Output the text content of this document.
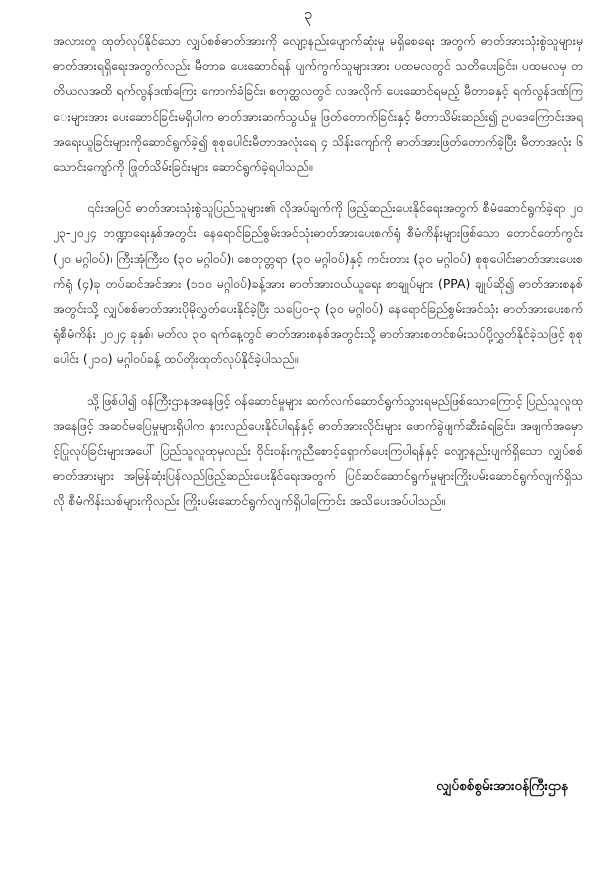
၃

အလားတူ ထုတ်လုပ်နိုင်သော လျှပ်စစ်ဓာတ်အားကို လျော့နည်းပျောက်ဆုံးမှု မရှိစေရေး အတွက် ဓာတ်အားသုံးစွဲသူများမှ ဓာတ်အားရရှိရေးအတွက်လည်း မီတာခ ပေးဆောင်ရန် ပျက်ကွက်သူများအား ပထမလတွင် သတိပေးခြင်း၊ ပထမလမှ တတိယလအထိ ရက်လွန်ဒဏ်ကြေး ကောက်ခံခြင်း၊ စတုတ္ထလတွင် လအလိုက် ပေးဆောင်ရမည့် မီတာခနှင့် ရက်လွန်ဒဏ်ကြေးများအား ပေးဆောင်ခြင်းမရှိပါက ဓာတ်အားဆက်သွယ်မှု ဖြတ်တောက်ခြင်းနှင့် မီတာသိမ်းဆည်း၍ ဥပဒေကြောင်းအရ အရေးယူခြင်းများကိုဆောင်ရွက်ခဲ့၍ စုစုပေါင်းမီတာအလုံးရေ ၄ သိန်းကျော်ကို ဓာတ်အားဖြတ်တောက်ခဲ့ပြီး မီတာအလုံး ၆ သောင်းကျော်ကို ဖြုတ်သိမ်းခြင်းများ ဆောင်ရွက်ခဲ့ရပါသည်။

၎င်းအပြင် ဓာတ်အားသုံးစွဲသူပြည်သူများ၏ လိုအပ်ချက်ကို ဖြည့်ဆည်းပေးနိုင်ရေးအတွက် စီမံဆောင်ရွက်ခဲ့ရာ ၂၀၂၃-၂၀၂၄ ဘဏ္ဍာရေးနှစ်အတွင်း နေရောင်ခြည်စွမ်းအင်သုံးဓာတ်အားပေးစက်ရုံ စီမံကိန်းများဖြစ်သော တောင်တော်ကွင်း (၂၀ မဂ္ဂါဝပ်)၊ ကြီးအုံကြီး၀ (၃၀ မဂ္ဂါဝပ်)၊ စေတုတ္တရာ (၃၀ မဂ္ဂါဝပ်)နှင့် ကင်းတား (၃၀ မဂ္ဂါဝပ်) စုစုပေါင်းဓာတ်အားပေးစက်ရုံ (၄)ခု တပ်ဆင်အင်အား (၁၁၀ မဂ္ဂါဝပ်)ခန့်အား ဓာတ်အားဝယ်ယူရေး စာချုပ်များ (PPA) ချုပ်ဆို၍ ဓာတ်အားစနစ်အတွင်းသို့ လျှပ်စစ်ဓာတ်အားပိုမိုလွှတ်ပေးနိုင်ခဲ့ပြီး သပြေ၀-၃ (၃၀ မဂ္ဂါဝပ်) နေရောင်ခြည်စွမ်းအင်သုံး ဓာတ်အားပေးစက်ရုံစီမံကိန်း ၂၀၂၄ ခုနှစ်၊ မတ်လ ၃၀ ရက်နေ့တွင် ဓာတ်အားစနစ်အတွင်းသို့ ဓာတ်အားစတင်စမ်းသပ်ပို့လွှတ်နိုင်ခဲ့သဖြင့် စုစုပေါင်း (၂၁၀) မဂ္ဂါဝပ်ခန့် ထပ်တိုးထုတ်လုပ်နိုင်ခဲ့ပါသည်။

သို့ဖြစ်ပါ၍ ဝန်ကြီးဌာနအနေဖြင့် ဝန်ဆောင်မှုများ ဆက်လက်ဆောင်ရွက်သွားရမည်ဖြစ်သောကြောင့် ပြည်သူလူထုအနေဖြင့် အဆင်မပြေမှုများရှိပါက နားလည်ပေးနိုင်ပါရန်နှင့် ဓာတ်အားလိုင်းများ ဖောက်ခွဲဖျက်ဆီးခံရခြင်း၊ အဖျက်အမှောင့်ပြုလုပ်ခြင်းများအပေါ် ပြည်သူလူထုမှလည်း ဝိုင်းဝန်းကူညီစောင့်ရှောက်ပေးကြပါရန်နှင့် လျော့နည်းပျက်ရှိသော လျှပ်စစ်ဓာတ်အားများ အမြန်ဆုံးပြန်လည်ဖြည့်ဆည်းပေးနိုင်ရေးအတွက် ပြင်ဆင်ဆောင်ရွက်မှုများကြိုးပမ်းဆောင်ရွက်လျက်ရှိသလို စီမံကိန်းသစ်များကိုလည်း ကြိုးပမ်းဆောင်ရွက်လျက်ရှိပါကြောင်း အသိပေးအပ်ပါသည်။

လျှပ်စစ်စွမ်းအားဝန်ကြီးဌာန
